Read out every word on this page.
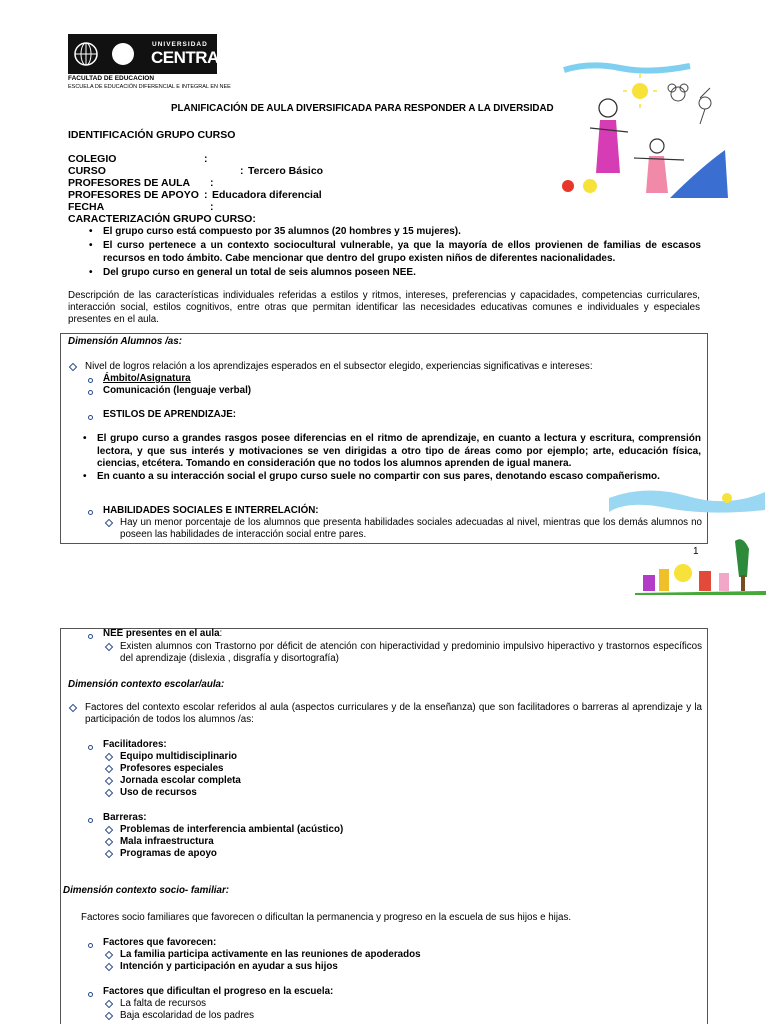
UNIVERSIDAD
CENTRAL
FACULTAD DE EDUCACION
ESCUELA DE EDUCACIÓN DIFERENCIAL E INTEGRAL EN NEE
PLANIFICACIÓN DE AULA DIVERSIFICADA PARA RESPONDER A LA DIVERSIDAD
IDENTIFICACIÓN GRUPO CURSO
COLEGIO	:
CURSO	: Tercero Básico
PROFESORES DE AULA :
PROFESORES DE APOYO : Educadora diferencial
FECHA	:
CARACTERIZACIÓN GRUPO CURSO:
• El grupo curso está compuesto por 35 alumnos (20 hombres y 15 mujeres).
• El curso pertenece a un contexto sociocultural vulnerable, ya que la mayoría de ellos provienen de familias de escasos recursos en todo ámbito. Cabe mencionar que dentro del grupo existen niños de diferentes nacionalidades.
• Del grupo curso en general un total de seis alumnos poseen NEE.
Descripción de las características individuales referidas a estilos y ritmos, intereses, preferencias y capacidades, competencias curriculares, interacción social, estilos cognitivos, entre otras que permitan identificar las necesidades educativas comunes e individuales y especiales presentes en el aula.
Dimensión Alumnos /as:
Nivel de logros relación a los aprendizajes esperados en el subsector elegido, experiencias significativas e intereses:
Ámbito/Asignatura
Comunicación (lenguaje verbal)
ESTILOS DE APRENDIZAJE:
• El grupo curso a grandes rasgos posee diferencias en el ritmo de aprendizaje, en cuanto a lectura y escritura, comprensión lectora, y que sus interés y motivaciones se ven dirigidas a otro tipo de áreas como por ejemplo; arte, educación física, ciencias, etcétera. Tomando en consideración que no todos los alumnos aprenden de igual manera.
• En cuanto a su interacción social el grupo curso suele no compartir con sus pares, denotando escaso compañerismo.
HABILIDADES SOCIALES E INTERRELACIÓN:
Hay un menor porcentaje de los alumnos que presenta habilidades sociales adecuadas al nivel, mientras que los demás alumnos no poseen las habilidades de interacción social entre pares.
1
NEE presentes en el aula:
Existen alumnos con Trastorno por déficit de atención con hiperactividad y predominio impulsivo hiperactivo y trastornos específicos del aprendizaje (dislexia , disgrafía y disortografía)
Dimensión contexto escolar/aula:
Factores del contexto escolar referidos al aula (aspectos curriculares y de la enseñanza) que son facilitadores o barreras al aprendizaje y la participación de todos los alumnos /as:
Facilitadores:
Equipo multidisciplinario
Profesores especiales
Jornada escolar completa
Uso de recursos
Barreras:
Problemas de interferencia ambiental (acústico)
Mala infraestructura
Programas de apoyo
Dimensión contexto socio- familiar:
Factores socio familiares que favorecen o dificultan la permanencia y progreso en la escuela de sus hijos e hijas.
Factores que favorecen:
La familia participa activamente en las reuniones de apoderados
Intención y participación en ayudar a sus hijos
Factores que dificultan el progreso en la escuela:
La falta de recursos
Baja escolaridad de los padres
